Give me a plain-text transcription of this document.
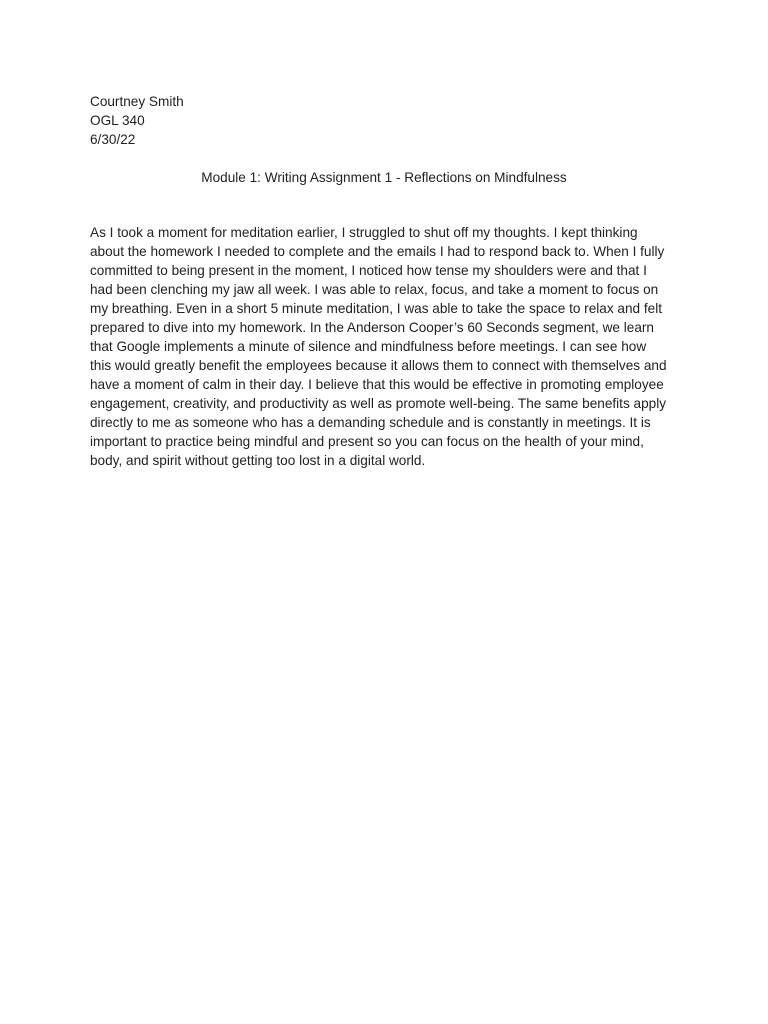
Courtney Smith
OGL 340
6/30/22
Module 1: Writing Assignment 1 - Reflections on Mindfulness

As I took a moment for meditation earlier, I struggled to shut off my thoughts. I kept thinking
about the homework I needed to complete and the emails I had to respond back to. When I fully
committed to being present in the moment, I noticed how tense my shoulders were and that I
had been clenching my jaw all week. I was able to relax, focus, and take a moment to focus on
my breathing. Even in a short 5 minute meditation, I was able to take the space to relax and felt
prepared to dive into my homework. In the Anderson Cooper’s 60 Seconds segment, we learn
that Google implements a minute of silence and mindfulness before meetings. I can see how
this would greatly benefit the employees because it allows them to connect with themselves and
have a moment of calm in their day. I believe that this would be effective in promoting employee
engagement, creativity, and productivity as well as promote well-being. The same benefits apply
directly to me as someone who has a demanding schedule and is constantly in meetings. It is
important to practice being mindful and present so you can focus on the health of your mind,
body, and spirit without getting too lost in a digital world.
